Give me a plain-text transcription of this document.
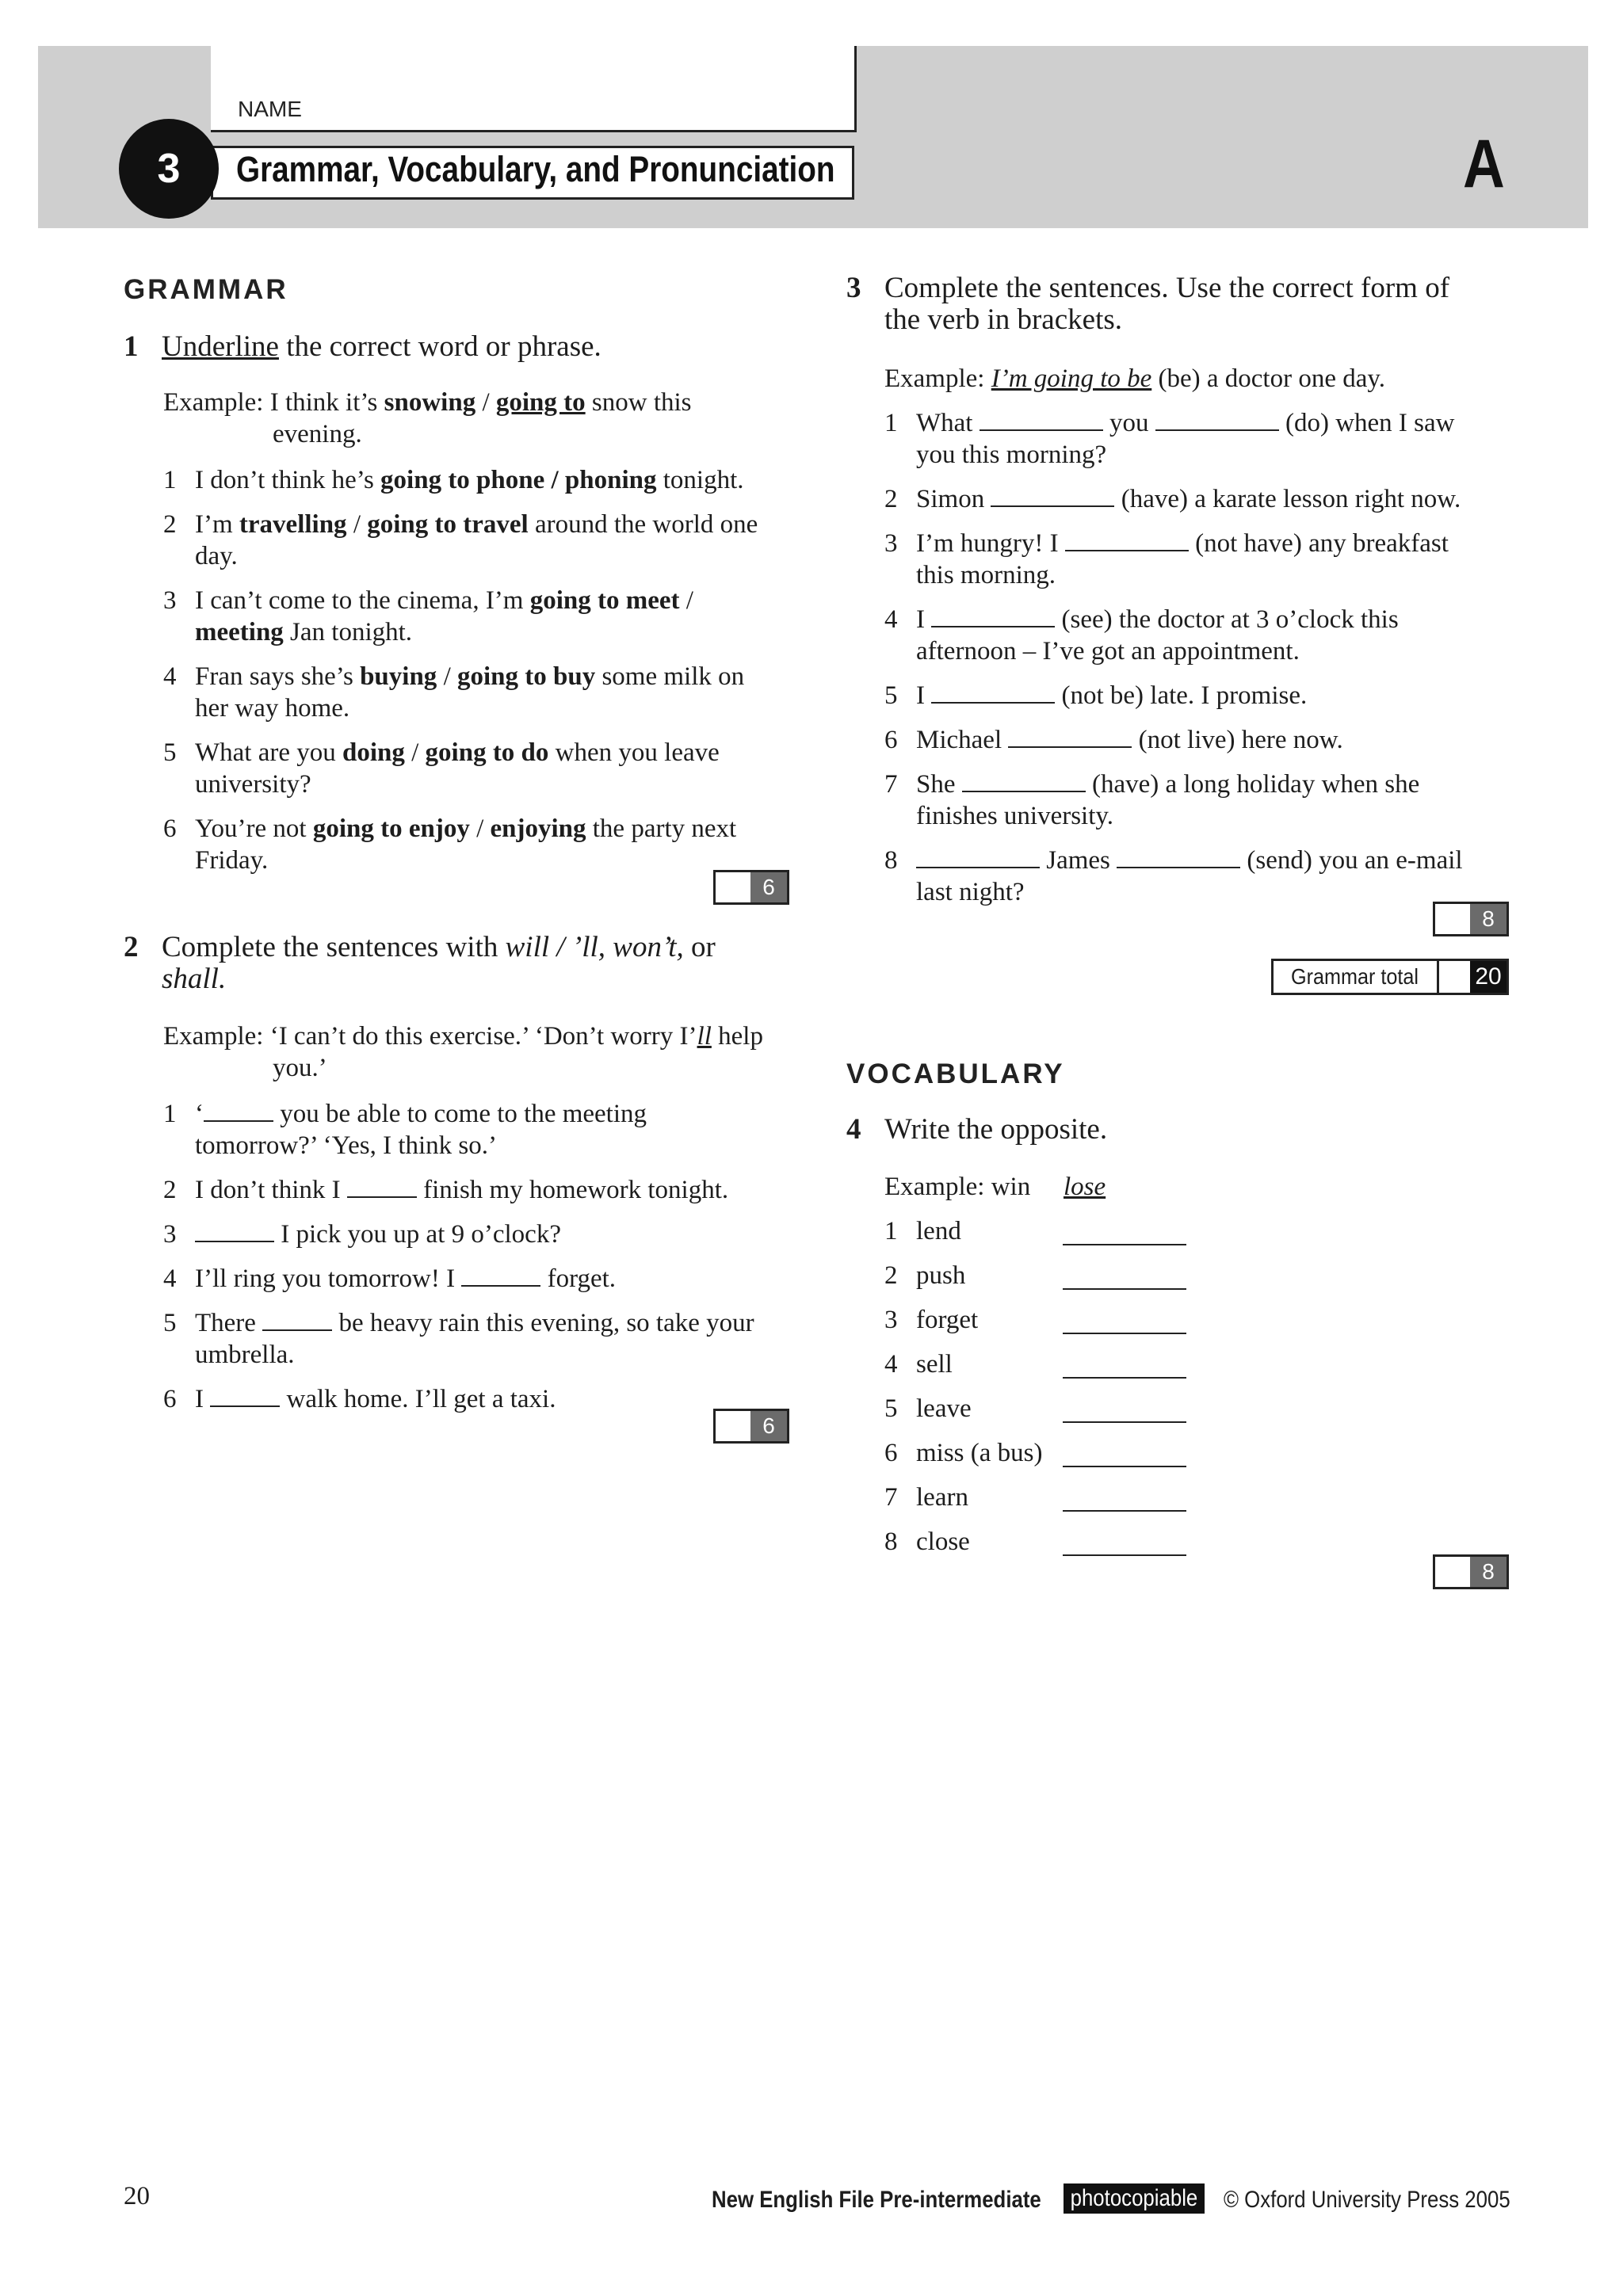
NAME
Grammar, Vocabulary, and Pronunciation
3	A
GRAMMAR
1 Underline the correct word or phrase.
Example: I think it’s snowing / going to snow this
evening.
1 I don’t think he’s going to phone / phoning tonight.
2 I’m travelling / going to travel around the world one
day.
3 I can’t come to the cinema, I’m going to meet /
meeting Jan tonight.
4 Fran says she’s buying / going to buy some milk on
her way home.
5 What are you doing / going to do when you leave
university?
6 You’re not going to enjoy / enjoying the party next
Friday.
6
2 Complete the sentences with will / ’ll, won’t, or
shall.
Example: ‘I can’t do this exercise.’ ‘Don’t worry I’ll help
you.’
1 ‘	you be able to come to the meeting
tomorrow?’ ‘Yes, I think so.’
2 I don’t think I	finish my homework tonight.
3	I pick you up at 9 o’clock?
4 I’ll ring you tomorrow! I	forget.
5 There	be heavy rain this evening, so take your
umbrella.
6 I	walk home. I’ll get a taxi.
6
3 Complete the sentences. Use the correct form of
the verb in brackets.
Example: I’m going to be (be) a doctor one day.
1 What	you	(do) when I saw
you this morning?
2 Simon	(have) a karate lesson right now.
3 I’m hungry! I	(not have) any breakfast
this morning.
4 I	(see) the doctor at 3 o’clock this
afternoon – I’ve got an appointment.
5 I	(not be) late. I promise.
6 Michael	(not live) here now.
7 She	(have) a long holiday when she
finishes university.
8	James	(send) you an e-mail
last night?
8
Grammar total 20
VOCABULARY
4 Write the opposite.
Example: win lose
1 lend
2 push
3 forget
4 sell
5 leave
6 miss (a bus)
7 learn
8 close
8
20	New English File Pre-intermediate photocopiable © Oxford University Press 2005
